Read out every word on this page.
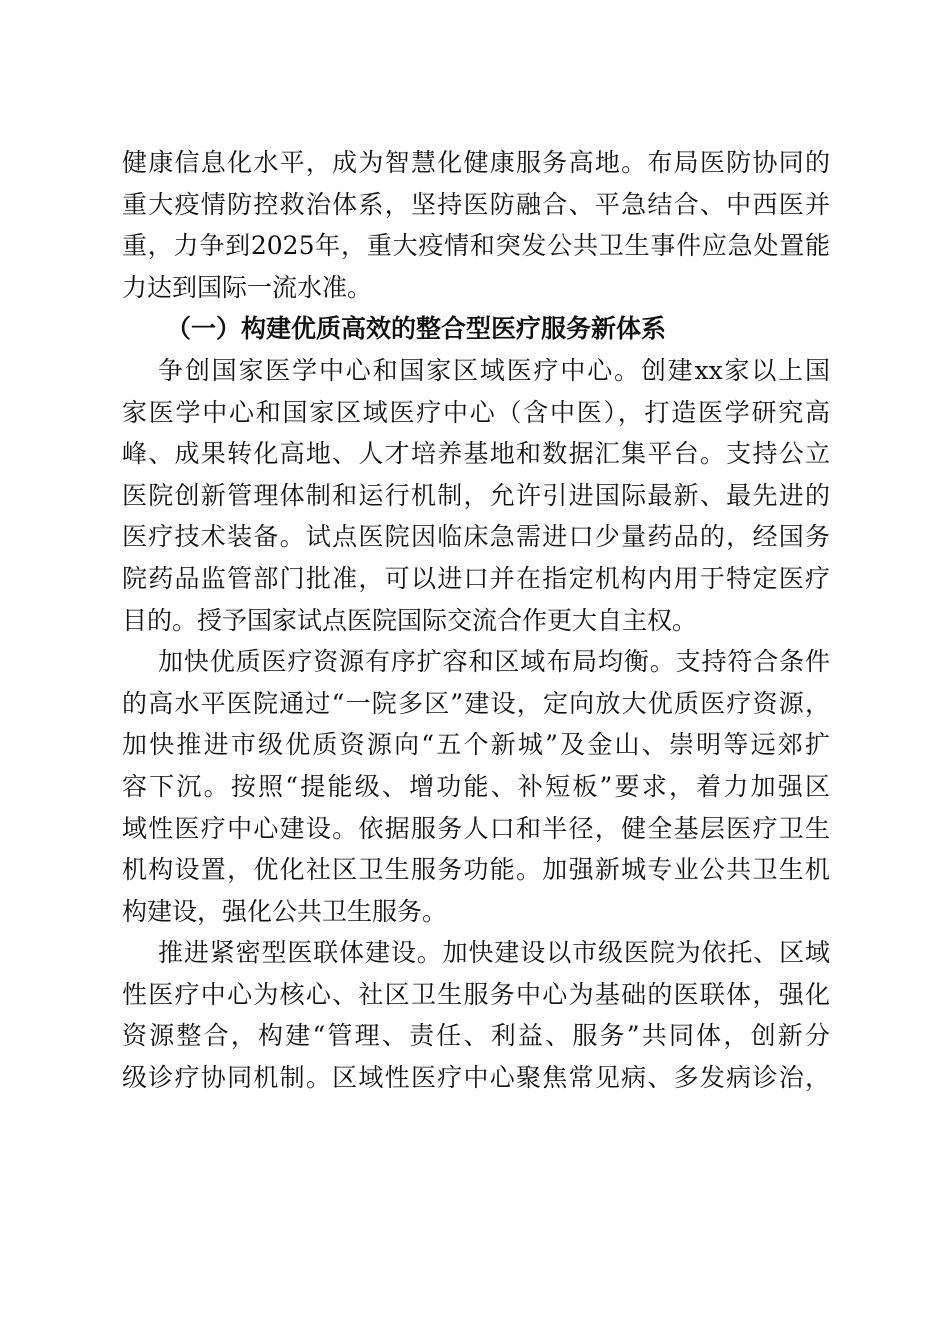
健康信息化水平，成为智慧化健康服务高地。布局医防协同的
重大疫情防控救治体系，坚持医防融合、平急结合、中西医并
重，力争到2025年，重大疫情和突发公共卫生事件应急处置能
力达到国际一流水准。
（一）构建优质高效的整合型医疗服务新体系
争创国家医学中心和国家区域医疗中心。创建xx家以上国
家医学中心和国家区域医疗中心（含中医），打造医学研究高
峰、成果转化高地、人才培养基地和数据汇集平台。支持公立
医院创新管理体制和运行机制，允许引进国际最新、最先进的
医疗技术装备。试点医院因临床急需进口少量药品的，经国务
院药品监管部门批准，可以进口并在指定机构内用于特定医疗
目的。授予国家试点医院国际交流合作更大自主权。
加快优质医疗资源有序扩容和区域布局均衡。支持符合条件
的高水平医院通过“一院多区”建设，定向放大优质医疗资源，
加快推进市级优质资源向“五个新城”及金山、崇明等远郊扩
容下沉。按照“提能级、增功能、补短板”要求，着力加强区
域性医疗中心建设。依据服务人口和半径，健全基层医疗卫生
机构设置，优化社区卫生服务功能。加强新城专业公共卫生机
构建设，强化公共卫生服务。
推进紧密型医联体建设。加快建设以市级医院为依托、区域
性医疗中心为核心、社区卫生服务中心为基础的医联体，强化
资源整合，构建“管理、责任、利益、服务”共同体，创新分
级诊疗协同机制。区域性医疗中心聚焦常见病、多发病诊治，
